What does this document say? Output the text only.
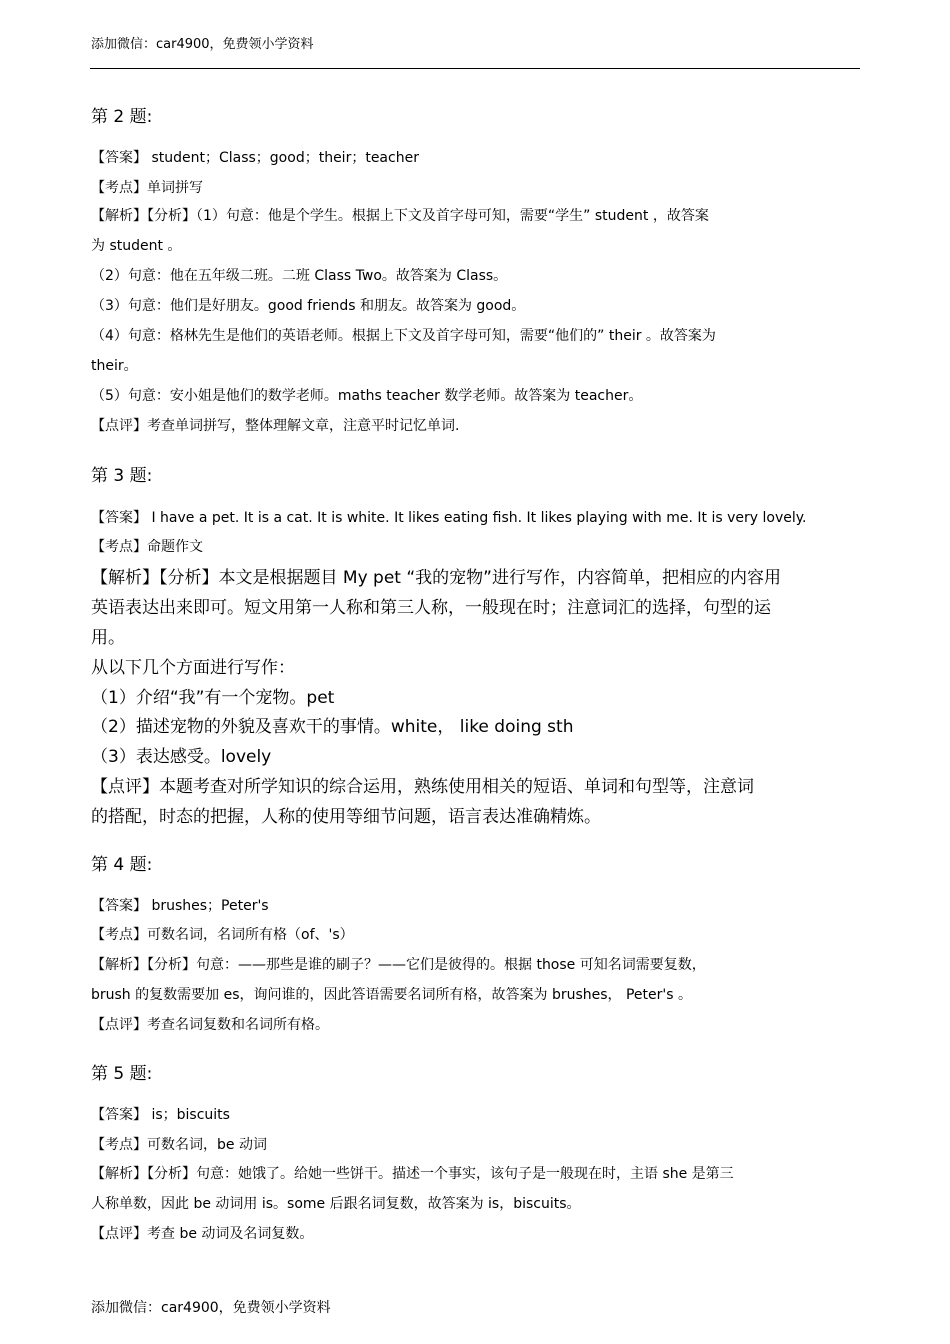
添加微信：car4900，免费领小学资料
第 2 题:
【答案】 student；Class；good；their；teacher
【考点】单词拼写
【解析】【分析】（1）句意：他是个学生。根据上下文及首字母可知，需要“学生” student ，故答案
为 student 。
（2）句意：他在五年级二班。二班 Class Two。故答案为 Class。
（3）句意：他们是好朋友。good friends 和朋友。故答案为 good。
（4）句意：格林先生是他们的英语老师。根据上下文及首字母可知，需要“他们的” their 。故答案为
their。
（5）句意：安小姐是他们的数学老师。maths teacher 数学老师。故答案为 teacher。
【点评】考查单词拼写，整体理解文章，注意平时记忆单词.
第 3 题:
【答案】 I have a pet. It is a cat. It is white. It likes eating fish. It likes playing with me. It is very lovely.
【考点】命题作文
【解析】【分析】本文是根据题目 My pet “我的宠物”进行写作，内容简单，把相应的内容用
英语表达出来即可。短文用第一人称和第三人称，一般现在时；注意词汇的选择，句型的运
用。
从以下几个方面进行写作：
（1）介绍“我”有一个宠物。pet
（2）描述宠物的外貌及喜欢干的事情。white， like doing sth
（3）表达感受。lovely
【点评】本题考查对所学知识的综合运用，熟练使用相关的短语、单词和句型等，注意词
的搭配，时态的把握，人称的使用等细节问题，语言表达准确精炼。
第 4 题:
【答案】 brushes；Peter's
【考点】可数名词，名词所有格（of、's）
【解析】【分析】句意：——那些是谁的刷子？——它们是彼得的。根据 those 可知名词需要复数，
brush 的复数需要加 es，询问谁的，因此答语需要名词所有格，故答案为 brushes， Peter's 。
【点评】考查名词复数和名词所有格。
第 5 题:
【答案】 is；biscuits
【考点】可数名词，be 动词
【解析】【分析】句意：她饿了。给她一些饼干。描述一个事实，该句子是一般现在时，主语 she 是第三
人称单数，因此 be 动词用 is。some 后跟名词复数，故答案为 is，biscuits。
【点评】考查 be 动词及名词复数。
添加微信：car4900，免费领小学资料
